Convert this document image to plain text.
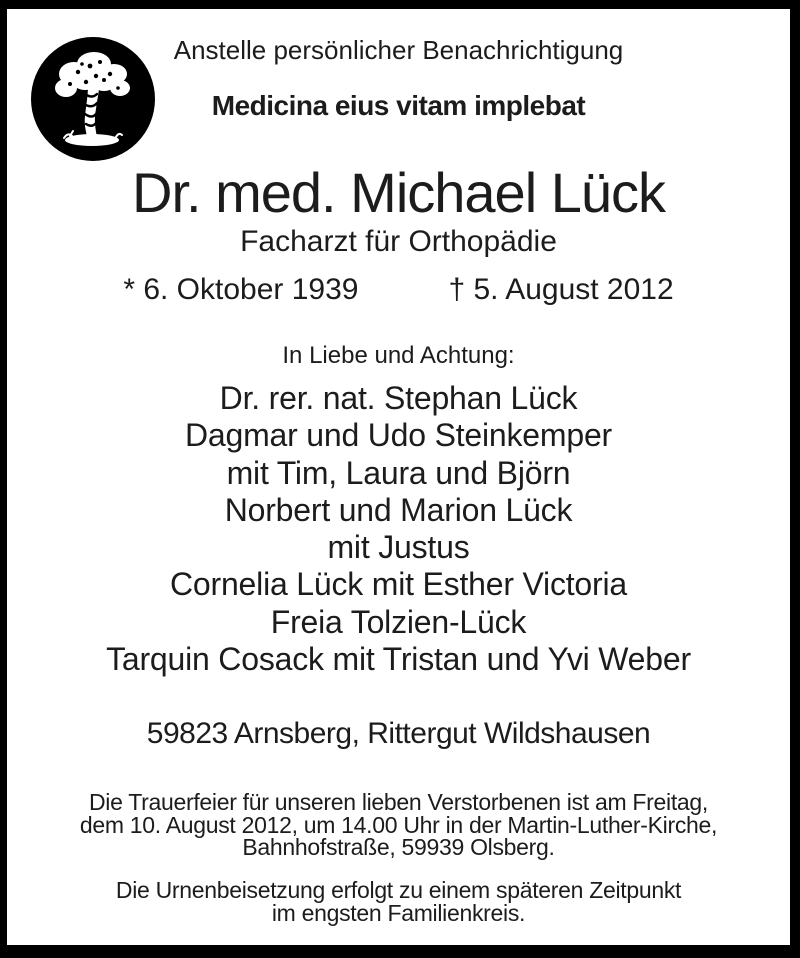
Anstelle persönlicher Benachrichtigung
Medicina eius vitam implebat
Dr. med. Michael Lück
Facharzt für Orthopädie
* 6. Oktober 1939	† 5. August 2012
In Liebe und Achtung:
Dr. rer. nat. Stephan Lück
Dagmar und Udo Steinkemper
mit Tim, Laura und Björn
Norbert und Marion Lück
mit Justus
Cornelia Lück mit Esther Victoria
Freia Tolzien-Lück
Tarquin Cosack mit Tristan und Yvi Weber
59823 Arnsberg, Rittergut Wildshausen
Die Trauerfeier für unseren lieben Verstorbenen ist am Freitag,
dem 10. August 2012, um 14.00 Uhr in der Martin-Luther-Kirche,
Bahnhofstraße, 59939 Olsberg.
Die Urnenbeisetzung erfolgt zu einem späteren Zeitpunkt
im engsten Familienkreis.
